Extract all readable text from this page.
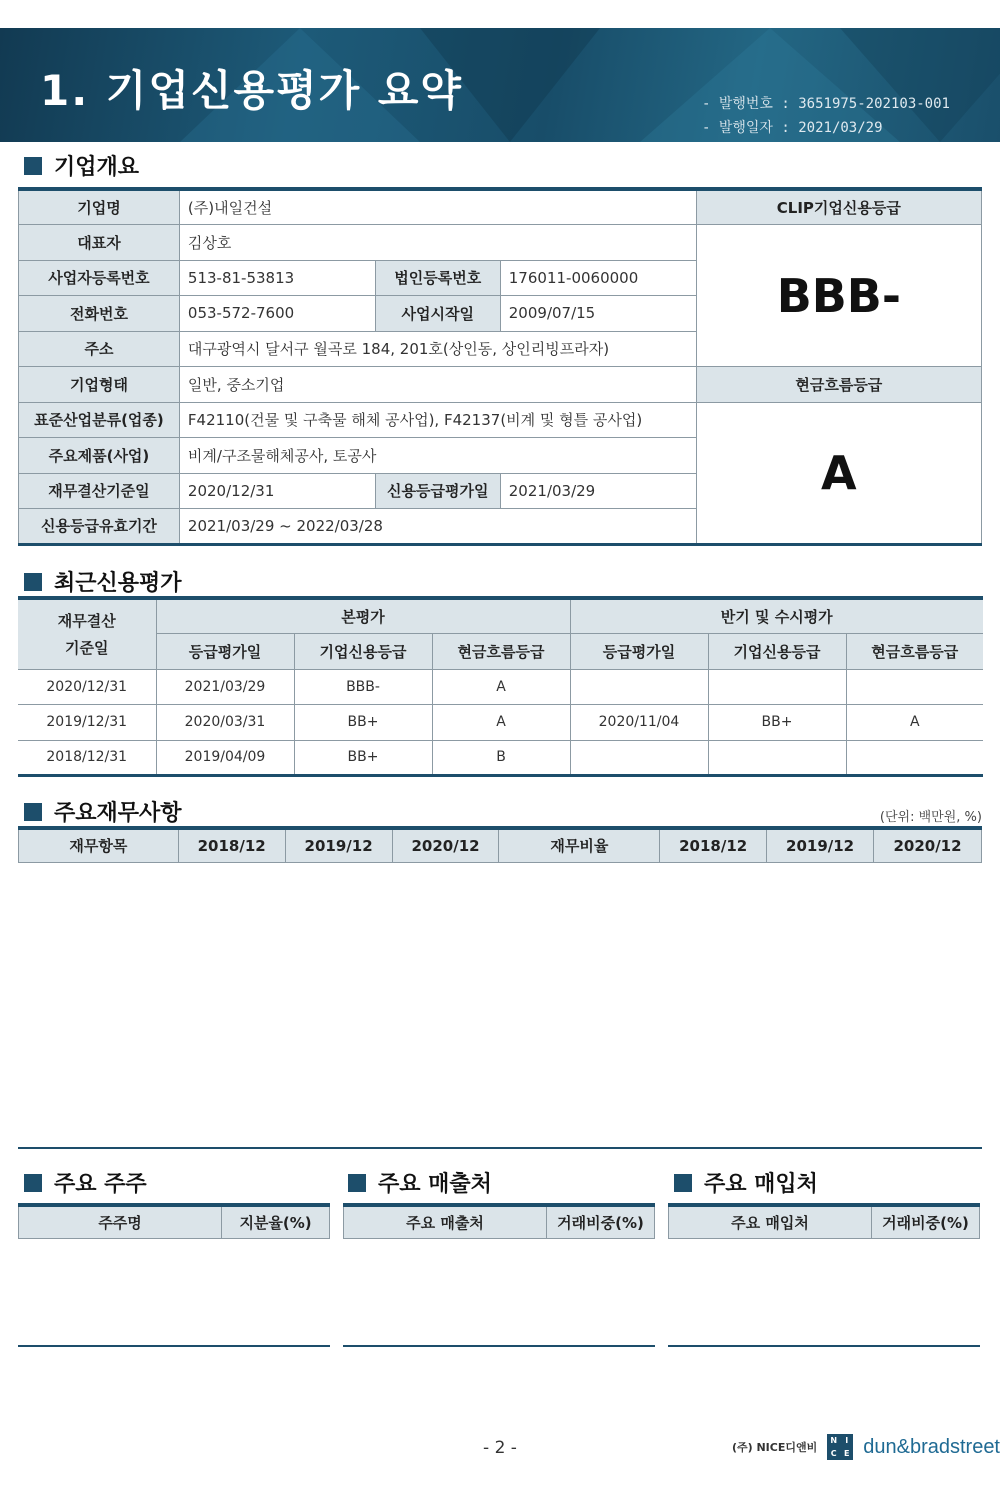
1. 기업신용평가 요약	- 발행번호 : 3651975-202103-001
- 발행일자 : 2021/03/29
기업개요
기업명	(주)내일건설			CLIP기업신용등급
대표자	김상호			BBB-
사업자등록번호	513-81-53813	법인등록번호	176011-0060000	
전화번호	053-572-7600	사업시작일	2009/07/15	
주소	대구광역시 달서구 월곡로 184, 201호(상인동, 상인리빙프라자)			
기업형태	일반, 중소기업			현금흐름등급
표준산업분류(업종)	F42110(건물 및 구축물 해체 공사업), F42137(비계 및 형틀 공사업)			A
주요제품(사업)	비계/구조물해체공사, 토공사			
재무결산기준일	2020/12/31	신용등급평가일	2021/03/29	
신용등급유효기간	2021/03/29 ~ 2022/03/28			
최근신용평가
재무결산
기준일	본평가			반기 및 수시평가		
	등급평가일	기업신용등급	현금흐름등급	등급평가일	기업신용등급	현금흐름등급
2020/12/31	2021/03/29	BBB-	A			
2019/12/31	2020/03/31	BB+	A	2020/11/04	BB+	A
2018/12/31	2019/04/09	BB+	B			
주요재무사항	(단위: 백만원, %)
재무항목	2018/12	2019/12	2020/12	재무비율	2018/12	2019/12	2020/12
주요 주주	주요 매출처	주요 매입처
주주명	지분율(%)	주요 매출처	거래비중(%)	주요 매입처	거래비중(%)
- 2 -	(주) NICE디앤비
N I
C E dun&bradstreet
